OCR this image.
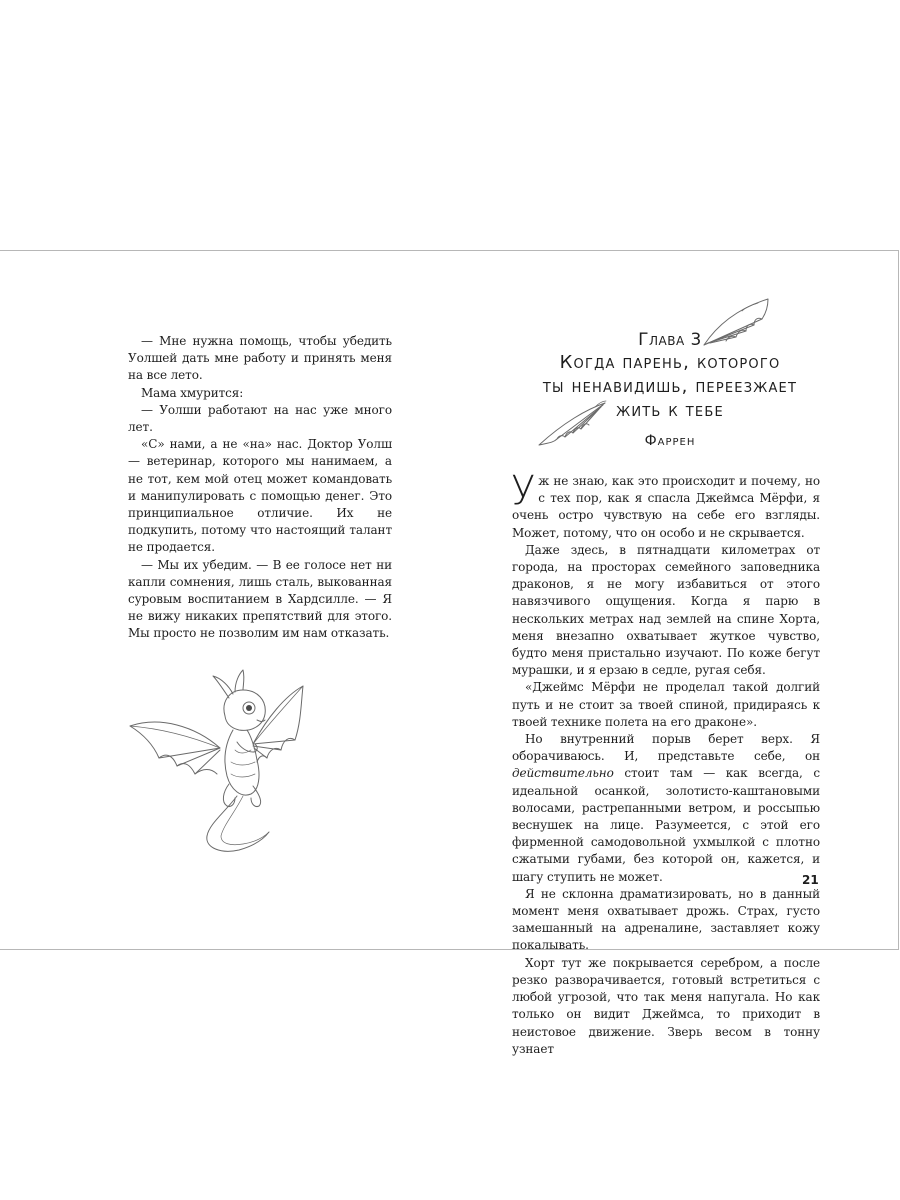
— Мне нужна помощь, чтобы убедить Уолшей дать мне работу и принять меня на все лето.

Мама хмурится:

— Уолши работают на нас уже много лет.

«С» нами, а не «на» нас. Доктор Уолш — ветеринар, которого мы нанимаем, а не тот, кем мой отец может командовать и манипулировать с помощью денег. Это принципиальное отличие. Их не подкупить, потому что настоящий талант не продается.

— Мы их убедим. — В ее голосе нет ни капли сомнения, лишь сталь, выкованная суровым воспитанием в Хардсилле. — Я не вижу никаких препятствий для этого. Мы просто не позволим им нам отказать.

Глава 3
Когда парень, которого
ты ненавидишь, переезжает
жить к тебе
Фаррен

Уж не знаю, как это происходит и почему, но с тех пор, как я спасла Джеймса Мёрфи, я очень остро чувствую на себе его взгляды. Может, потому, что он особо и не скрывается.

Даже здесь, в пятнадцати километрах от города, на просторах семейного заповедника драконов, я не могу избавиться от этого навязчивого ощущения. Когда я парю в нескольких метрах над землей на спине Хорта, меня внезапно охватывает жуткое чувство, будто меня пристально изучают. По коже бегут мурашки, и я ерзаю в седле, ругая себя.

«Джеймс Мёрфи не проделал такой долгий путь и не стоит за твоей спиной, придираясь к твоей технике полета на его драконе».

Но внутренний порыв берет верх. Я оборачиваюсь. И, представьте себе, он действительно стоит там — как всегда, с идеальной осанкой, золотисто-каштановыми волосами, растрепанными ветром, и россыпью веснушек на лице. Разумеется, с этой его фирменной самодовольной ухмылкой с плотно сжатыми губами, без которой он, кажется, и шагу ступить не может.

Я не склонна драматизировать, но в данный момент меня охватывает дрожь. Страх, густо замешанный на адреналине, заставляет кожу покалывать.

Хорт тут же покрывается серебром, а после резко разворачивается, готовый встретиться с любой угрозой, что так меня напугала. Но как только он видит Джеймса, то приходит в неистовое движение. Зверь весом в тонну узнает

21
